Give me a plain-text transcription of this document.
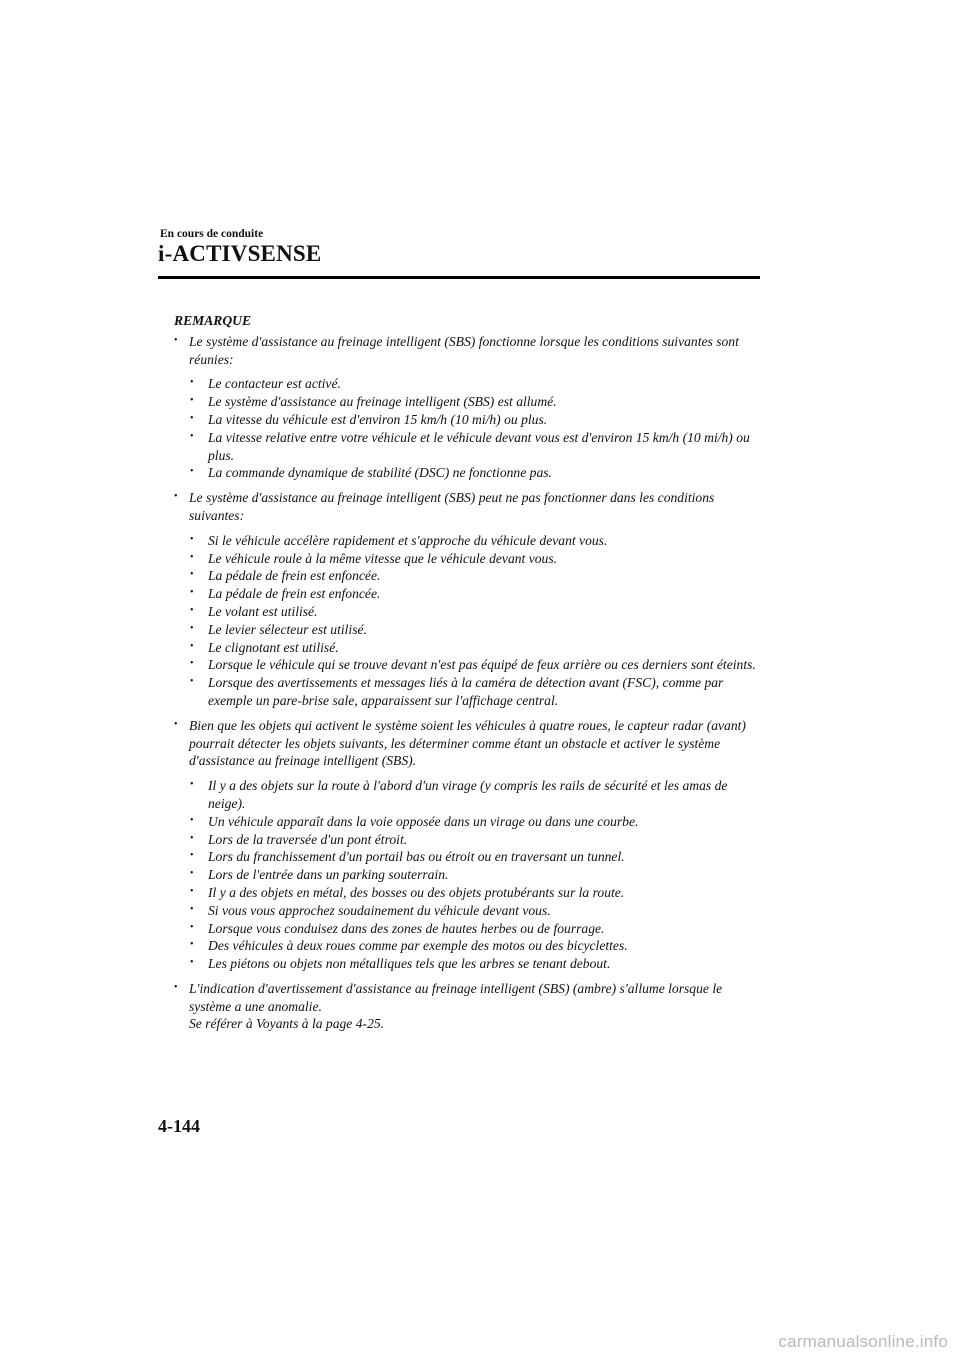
En cours de conduite
i-ACTIVSENSE
REMARQUE
• Le système d'assistance au freinage intelligent (SBS) fonctionne lorsque les conditions suivantes sont réunies:
• Le contacteur est activé.
• Le système d'assistance au freinage intelligent (SBS) est allumé.
• La vitesse du véhicule est d'environ 15 km/h (10 mi/h) ou plus.
• La vitesse relative entre votre véhicule et le véhicule devant vous est d'environ 15 km/h (10 mi/h) ou plus.
• La commande dynamique de stabilité (DSC) ne fonctionne pas.
• Le système d'assistance au freinage intelligent (SBS) peut ne pas fonctionner dans les conditions suivantes:
• Si le véhicule accélère rapidement et s'approche du véhicule devant vous.
• Le véhicule roule à la même vitesse que le véhicule devant vous.
• La pédale de frein est enfoncée.
• La pédale de frein est enfoncée.
• Le volant est utilisé.
• Le levier sélecteur est utilisé.
• Le clignotant est utilisé.
• Lorsque le véhicule qui se trouve devant n'est pas équipé de feux arrière ou ces derniers sont éteints.
• Lorsque des avertissements et messages liés à la caméra de détection avant (FSC), comme par exemple un pare-brise sale, apparaissent sur l'affichage central.
• Bien que les objets qui activent le système soient les véhicules à quatre roues, le capteur radar (avant) pourrait détecter les objets suivants, les déterminer comme étant un obstacle et activer le système d'assistance au freinage intelligent (SBS).
• Il y a des objets sur la route à l'abord d'un virage (y compris les rails de sécurité et les amas de neige).
• Un véhicule apparaît dans la voie opposée dans un virage ou dans une courbe.
• Lors de la traversée d'un pont étroit.
• Lors du franchissement d'un portail bas ou étroit ou en traversant un tunnel.
• Lors de l'entrée dans un parking souterrain.
• Il y a des objets en métal, des bosses ou des objets protubérants sur la route.
• Si vous vous approchez soudainement du véhicule devant vous.
• Lorsque vous conduisez dans des zones de hautes herbes ou de fourrage.
• Des véhicules à deux roues comme par exemple des motos ou des bicyclettes.
• Les piétons ou objets non métalliques tels que les arbres se tenant debout.
• L'indication d'avertissement d'assistance au freinage intelligent (SBS) (ambre) s'allume lorsque le système a une anomalie.
Se référer à Voyants à la page 4-25.
4-144
carmanualsonline.info
